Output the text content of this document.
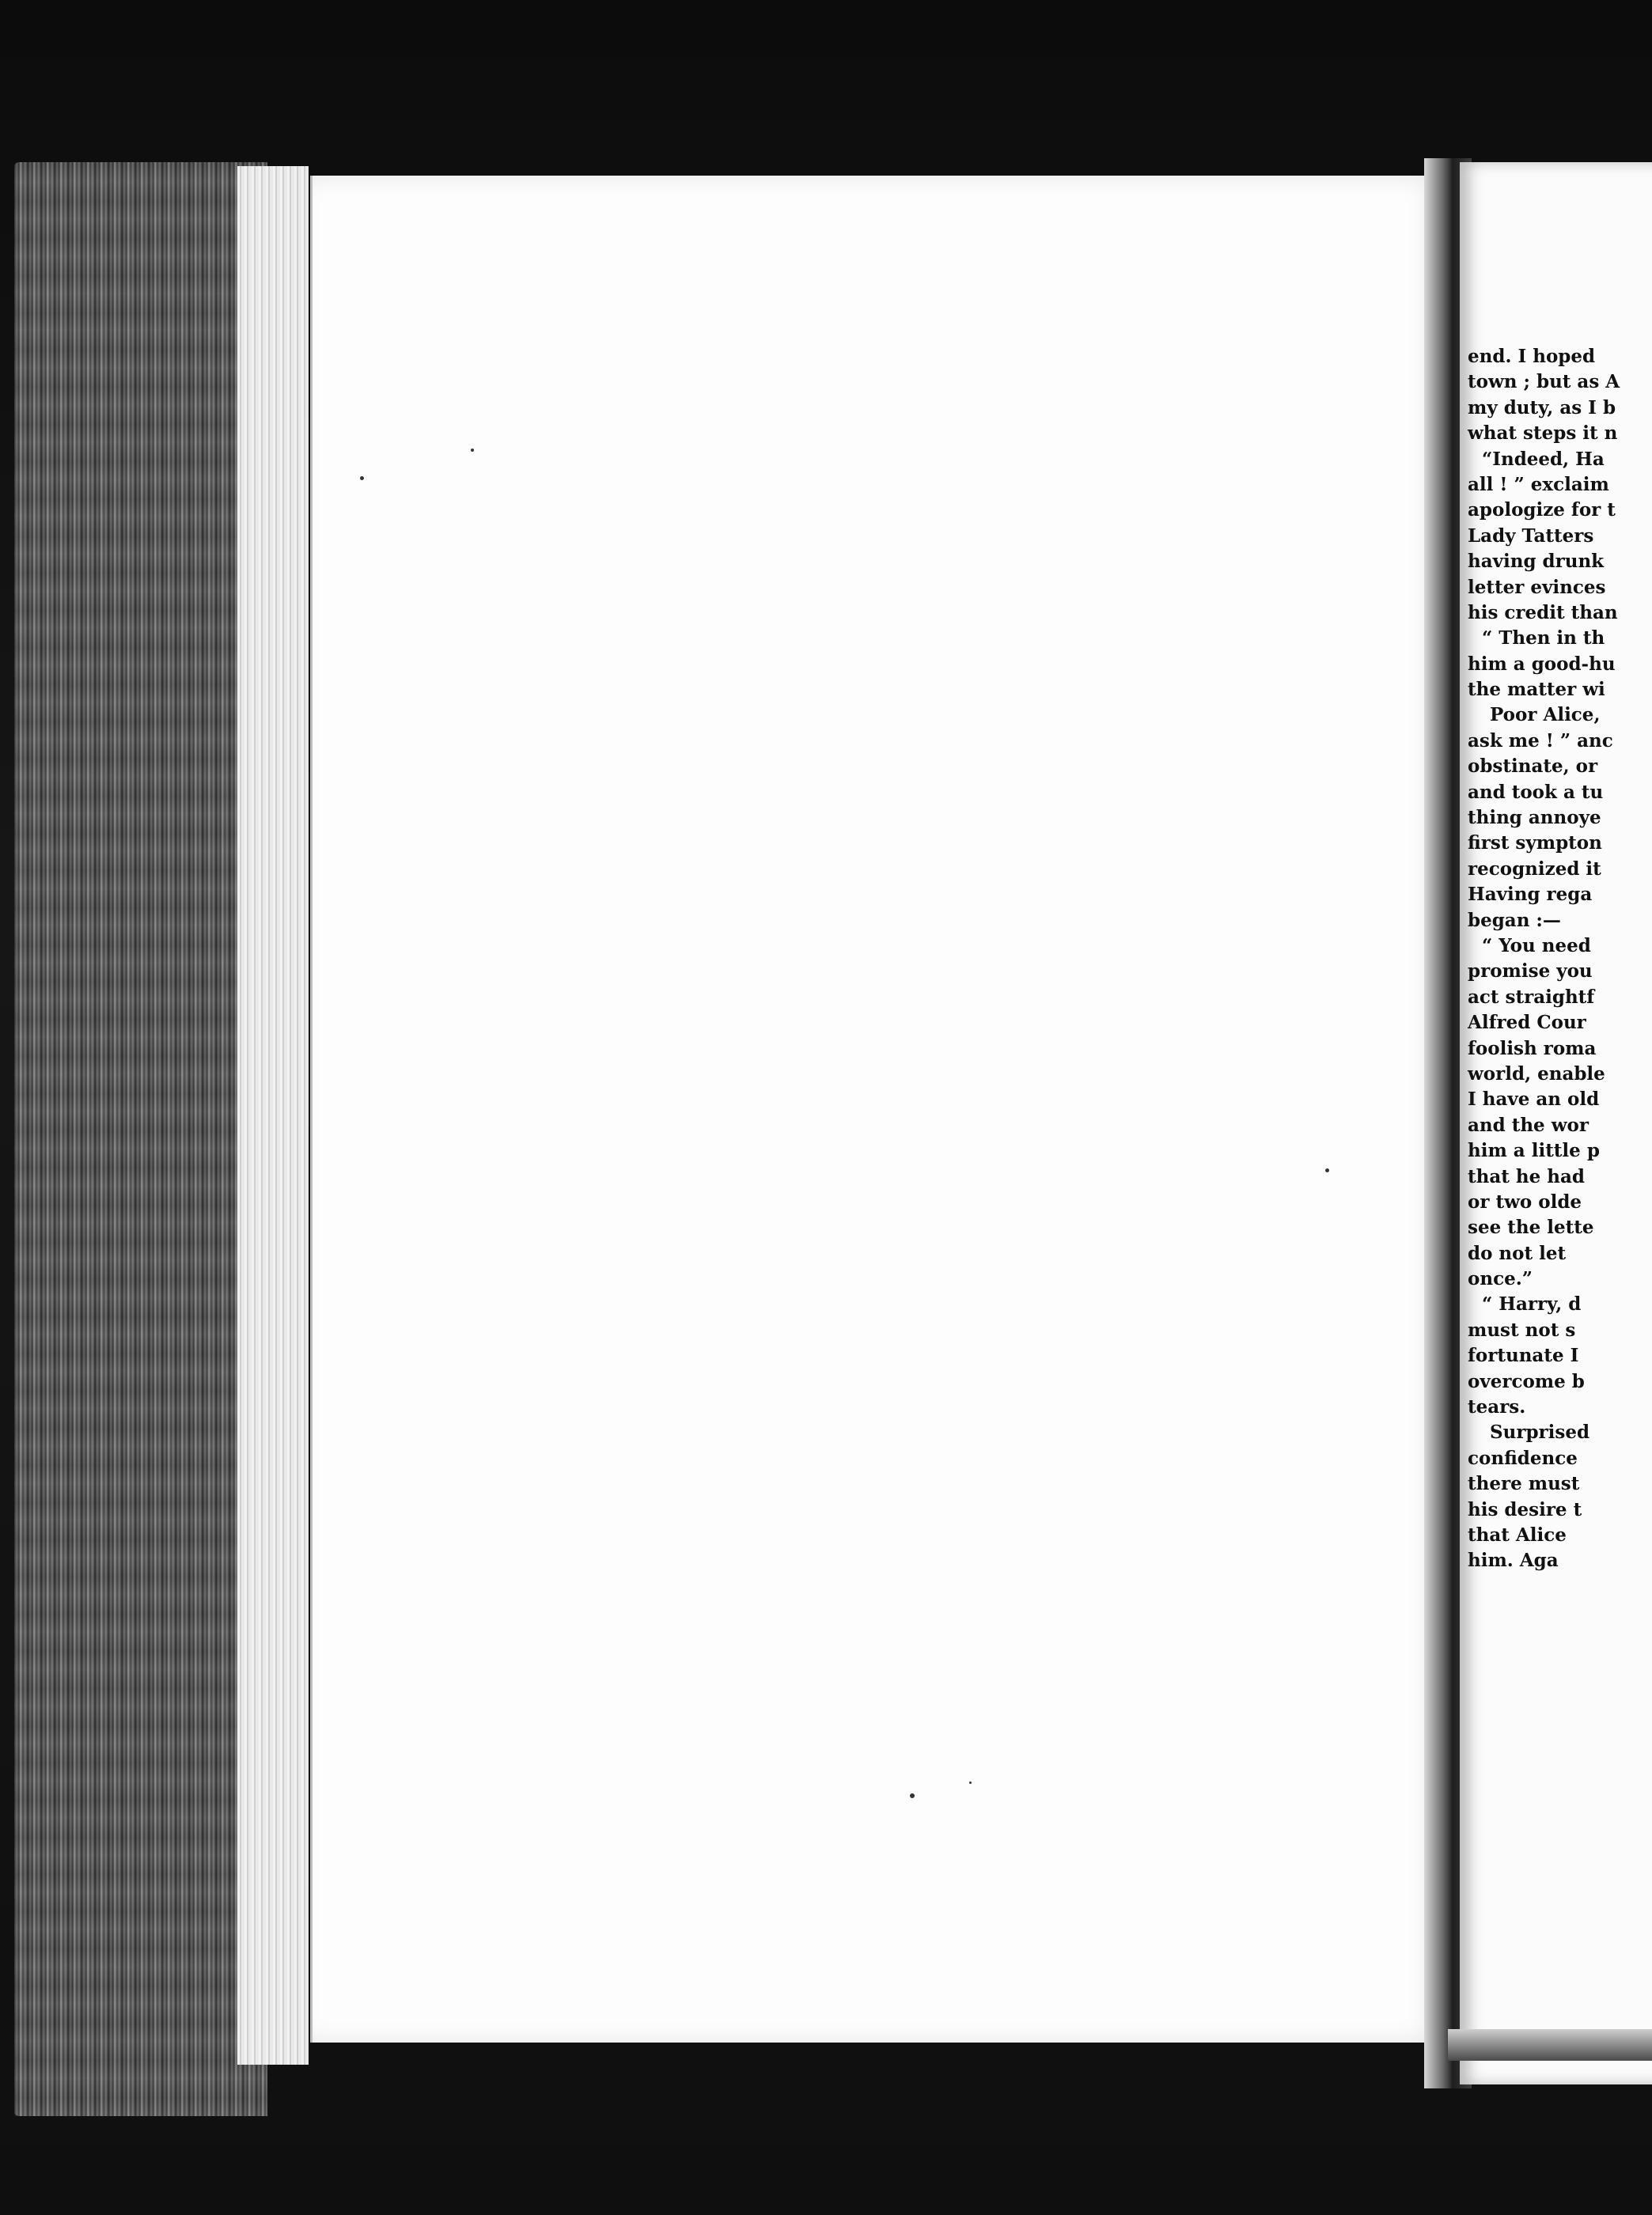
end. I hoped
town ; but as A
my duty, as I b
what steps it n
“Indeed, Ha
all ! ” exclaim
apologize for t
Lady Tatters
having drunk
letter evinces
his credit than
“ Then in th
him a good-hu
the matter wi
Poor Alice,
ask me ! ” anc
obstinate, or
and took a tu
thing annoye
first sympton
recognized it
Having rega
began :—
“ You need
promise you
act straightf
Alfred Cour
foolish roma
world, enable
I have an old
and the wor
him a little p
that he had
or two olde
see the lette
do not let
once.”
“ Harry, d
must not s
fortunate I
overcome b
tears.
Surprised
confidence
there must
his desire t
that Alice
him. Aga
